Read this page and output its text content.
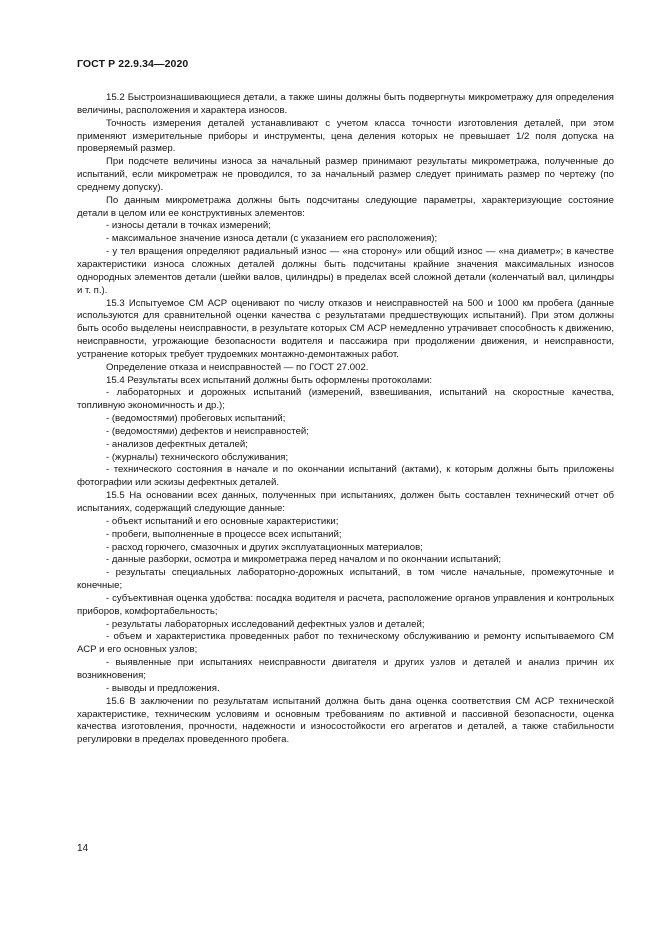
ГОСТ Р 22.9.34—2020

15.2 Быстроизнашивающиеся детали, а также шины должны быть подвергнуты микрометражу для определения величины, расположения и характера износов.

Точность измерения деталей устанавливают с учетом класса точности изготовления деталей, при этом применяют измерительные приборы и инструменты, цена деления которых не превышает 1/2 поля допуска на проверяемый размер.

При подсчете величины износа за начальный размер принимают результаты микрометража, полученные до испытаний, если микрометраж не проводился, то за начальный размер следует принимать размер по чертежу (по среднему допуску).

По данным микрометража должны быть подсчитаны следующие параметры, характеризующие состояние детали в целом или ее конструктивных элементов:

- износы детали в точках измерений;

- максимальное значение износа детали (с указанием его расположения);

- у тел вращения определяют радиальный износ — «на сторону» или общий износ — «на диаметр»; в качестве характеристики износа сложных деталей должны быть подсчитаны крайние значения максимальных износов однородных элементов детали (шейки валов, цилиндры) в пределах всей сложной детали (коленчатый вал, цилиндры и т. п.).

15.3 Испытуемое СМ АСР оценивают по числу отказов и неисправностей на 500 и 1000 км пробега (данные используются для сравнительной оценки качества с результатами предшествующих испытаний). При этом должны быть особо выделены неисправности, в результате которых СМ АСР немедленно утрачивает способность к движению, неисправности, угрожающие безопасности водителя и пассажира при продолжении движения, и неисправности, устранение которых требует трудоемких монтажно-демонтажных работ.

Определение отказа и неисправностей — по ГОСТ 27.002.

15.4 Результаты всех испытаний должны быть оформлены протоколами:

- лабораторных и дорожных испытаний (измерений, взвешивания, испытаний на скоростные качества, топливную экономичность и др.);

- (ведомостями) пробеговых испытаний;

- (ведомостями) дефектов и неисправностей;

- анализов дефектных деталей;

- (журналы) технического обслуживания;

- технического состояния в начале и по окончании испытаний (актами), к которым должны быть приложены фотографии или эскизы дефектных деталей.

15.5 На основании всех данных, полученных при испытаниях, должен быть составлен технический отчет об испытаниях, содержащий следующие данные:

- объект испытаний и его основные характеристики;

- пробеги, выполненные в процессе всех испытаний;

- расход горючего, смазочных и других эксплуатационных материалов;

- данные разборки, осмотра и микрометража перед началом и по окончании испытаний;

- результаты специальных лабораторно-дорожных испытаний, в том числе начальные, промежуточные и конечные;

- субъективная оценка удобства: посадка водителя и расчета, расположение органов управления и контрольных приборов, комфортабельность;

- результаты лабораторных исследований дефектных узлов и деталей;

- объем и характеристика проведенных работ по техническому обслуживанию и ремонту испытываемого СМ АСР и его основных узлов;

- выявленные при испытаниях неисправности двигателя и других узлов и деталей и анализ причин их возникновения;

- выводы и предложения.

15.6 В заключении по результатам испытаний должна быть дана оценка соответствия СМ АСР технической характеристике, техническим условиям и основным требованиям по активной и пассивной безопасности, оценка качества изготовления, прочности, надежности и износостойкости его агрегатов и деталей, а также стабильности регулировки в пределах проведенного пробега.

14
